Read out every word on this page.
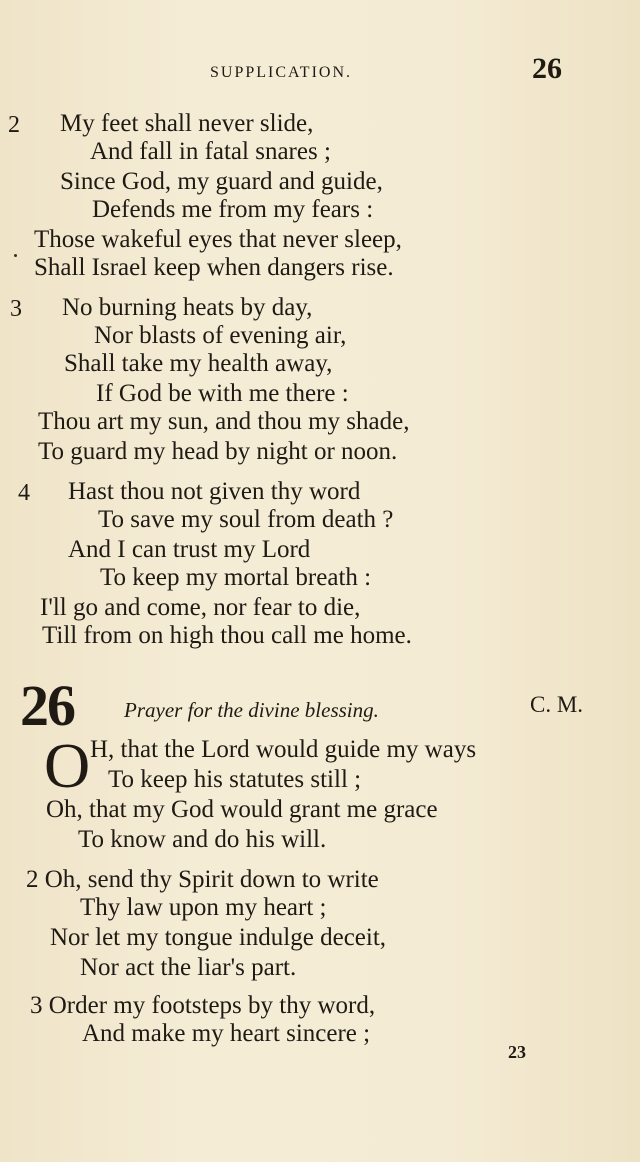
SUPPLICATION.	26
2 My feet shall never slide,
And fall in fatal snares ;
Since God, my guard and guide,
Defends me from my fears :
Those wakeful eyes that never sleep,
Shall Israel keep when dangers rise.
3 No burning heats by day,
Nor blasts of evening air,
Shall take my health away,
If God be with me there :
Thou art my sun, and thou my shade,
To guard my head by night or noon.
4 Hast thou not given thy word
To save my soul from death ?
And I can trust my Lord
To keep my mortal breath :
I'll go and come, nor fear to die,
Till from on high thou call me home.
26 Prayer for the divine blessing.	C. M.
O H, that the Lord would guide my ways
To keep his statutes still ;
Oh, that my God would grant me grace
To know and do his will.
2 Oh, send thy Spirit down to write
Thy law upon my heart ;
Nor let my tongue indulge deceit,
Nor act the liar's part.
3 Order my footsteps by thy word,
And make my heart sincere ;
23
